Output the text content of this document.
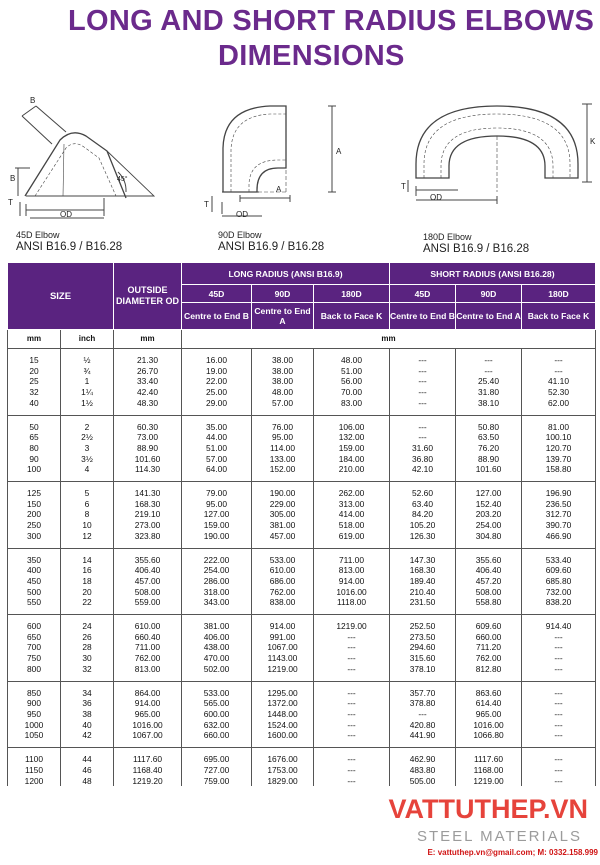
LONG AND SHORT RADIUS ELBOWS
DIMENSIONS
B
B
T
OD
45°
A
A
T
OD
K
T
OD
45D Elbow
ANSI B16.9 / B16.28
90D Elbow
ANSI B16.9 / B16.28
180D Elbow
ANSI B16.9 / B16.28
SIZE		OUTSIDE DIAMETER OD	LONG RADIUS (ANSI B16.9)			SHORT RADIUS (ANSI B16.28)		
			45D	90D	180D	45D	90D	180D
			Centre to End B	Centre to End A	Back to Face K	Centre to End B	Centre to End A	Back to Face K
mm	inch	mm	mm					
15	½	21.30	16.00	38.00	48.00	---	---	---
20	¾	26.70	19.00	38.00	51.00	---	---	---
25	1	33.40	22.00	38.00	56.00	---	25.40	41.10
32	1¼	42.40	25.00	48.00	70.00	---	31.80	52.30
40	1½	48.30	29.00	57.00	83.00	---	38.10	62.00
50	2	60.30	35.00	76.00	106.00	---	50.80	81.00
65	2½	73.00	44.00	95.00	132.00	---	63.50	100.10
80	3	88.90	51.00	114.00	159.00	31.60	76.20	120.70
90	3½	101.60	57.00	133.00	184.00	36.80	88.90	139.70
100	4	114.30	64.00	152.00	210.00	42.10	101.60	158.80
125	5	141.30	79.00	190.00	262.00	52.60	127.00	196.90
150	6	168.30	95.00	229.00	313.00	63.40	152.40	236.50
200	8	219.10	127.00	305.00	414.00	84.20	203.20	312.70
250	10	273.00	159.00	381.00	518.00	105.20	254.00	390.70
300	12	323.80	190.00	457.00	619.00	126.30	304.80	466.90
350	14	355.60	222.00	533.00	711.00	147.30	355.60	533.40
400	16	406.40	254.00	610.00	813.00	168.30	406.40	609.60
450	18	457.00	286.00	686.00	914.00	189.40	457.20	685.80
500	20	508.00	318.00	762.00	1016.00	210.40	508.00	732.00
550	22	559.00	343.00	838.00	1118.00	231.50	558.80	838.20
600	24	610.00	381.00	914.00	1219.00	252.50	609.60	914.40
650	26	660.40	406.00	991.00	---	273.50	660.00	---
700	28	711.00	438.00	1067.00	---	294.60	711.20	---
750	30	762.00	470.00	1143.00	---	315.60	762.00	---
800	32	813.00	502.00	1219.00	---	378.10	812.80	---
850	34	864.00	533.00	1295.00	---	357.70	863.60	---
900	36	914.00	565.00	1372.00	---	378.80	614.40	---
950	38	965.00	600.00	1448.00	---	---	965.00	---
1000	40	1016.00	632.00	1524.00	---	420.80	1016.00	---
1050	42	1067.00	660.00	1600.00	---	441.90	1066.80	---
1100	44	1117.60	695.00	1676.00	---	462.90	1117.60	---
1150	46	1168.40	727.00	1753.00	---	483.80	1168.00	---
1200	48	1219.20	759.00	1829.00	---	505.00	1219.00	---
VATTUTHEP.VN
STEEL MATERIALS
E: vattuthep.vn@gmail.com; M: 0332.158.999
